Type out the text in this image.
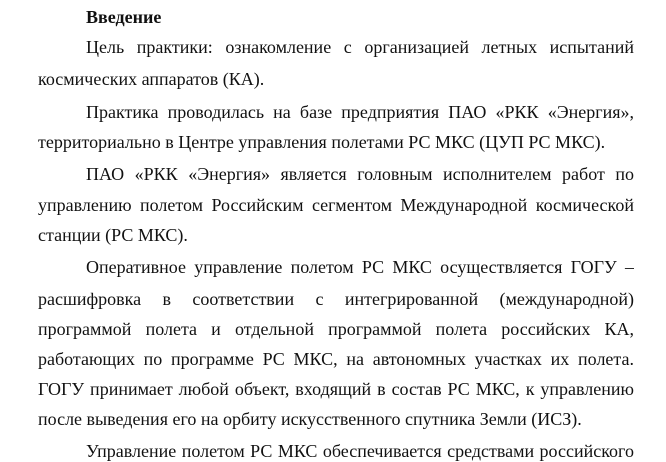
Введение
Цель практики: ознакомление с организацией летных испытаний
космических аппаратов (КА).
Практика проводилась на базе предприятия ПАО «РКК «Энергия»,
территориально в Центре управления полетами РС МКС (ЦУП РС МКС).
ПАО «РКК «Энергия» является головным исполнителем работ по
управлению полетом Российским сегментом Международной космической
станции (РС МКС).
Оперативное управление полетом РС МКС осуществляется ГОГУ –
расшифровка в соответствии с интегрированной (международной)
программой полета и отдельной программой полета российских КА,
работающих по программе РС МКС, на автономных участках их полета.
ГОГУ принимает любой объект, входящий в состав РС МКС, к управлению
после выведения его на орбиту искусственного спутника Земли (ИСЗ).
Управление полетом РС МКС обеспечивается средствами российского
